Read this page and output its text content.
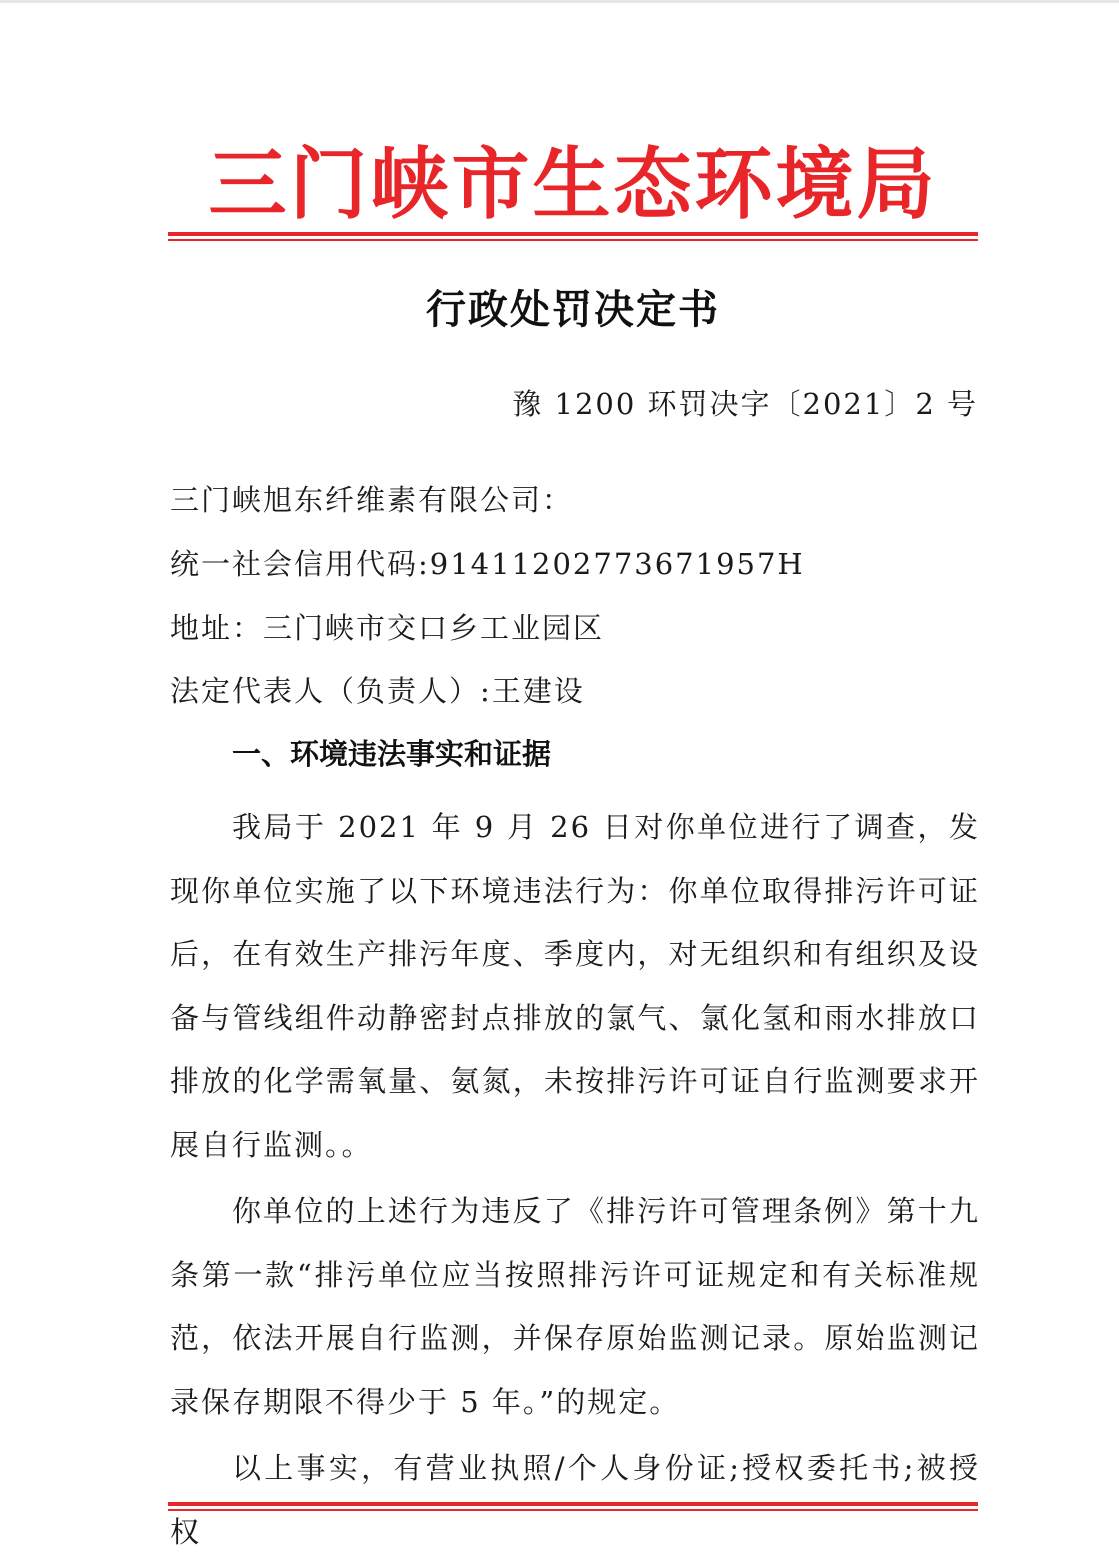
三门峡市生态环境局
行政处罚决定书
豫 1200 环罚决字〔2021〕2 号
三门峡旭东纤维素有限公司：
统一社会信用代码:91411202773671957H
地址：三门峡市交口乡工业园区
法定代表人（负责人）:王建设
一、环境违法事实和证据

我局于 2021 年 9 月 26 日对你单位进行了调查，发现你单位实施了以下环境违法行为：你单位取得排污许可证后，在有效生产排污年度、季度内，对无组织和有组织及设备与管线组件动静密封点排放的氯气、氯化氢和雨水排放口排放的化学需氧量、氨氮，未按排污许可证自行监测要求开展自行监测。。

你单位的上述行为违反了《排污许可管理条例》第十九条第一款“排污单位应当按照排污许可证规定和有关标准规范，依法开展自行监测，并保存原始监测记录。原始监测记录保存期限不得少于 5 年。”的规定。

以上事实，有营业执照/个人身份证;授权委托书;被授权
